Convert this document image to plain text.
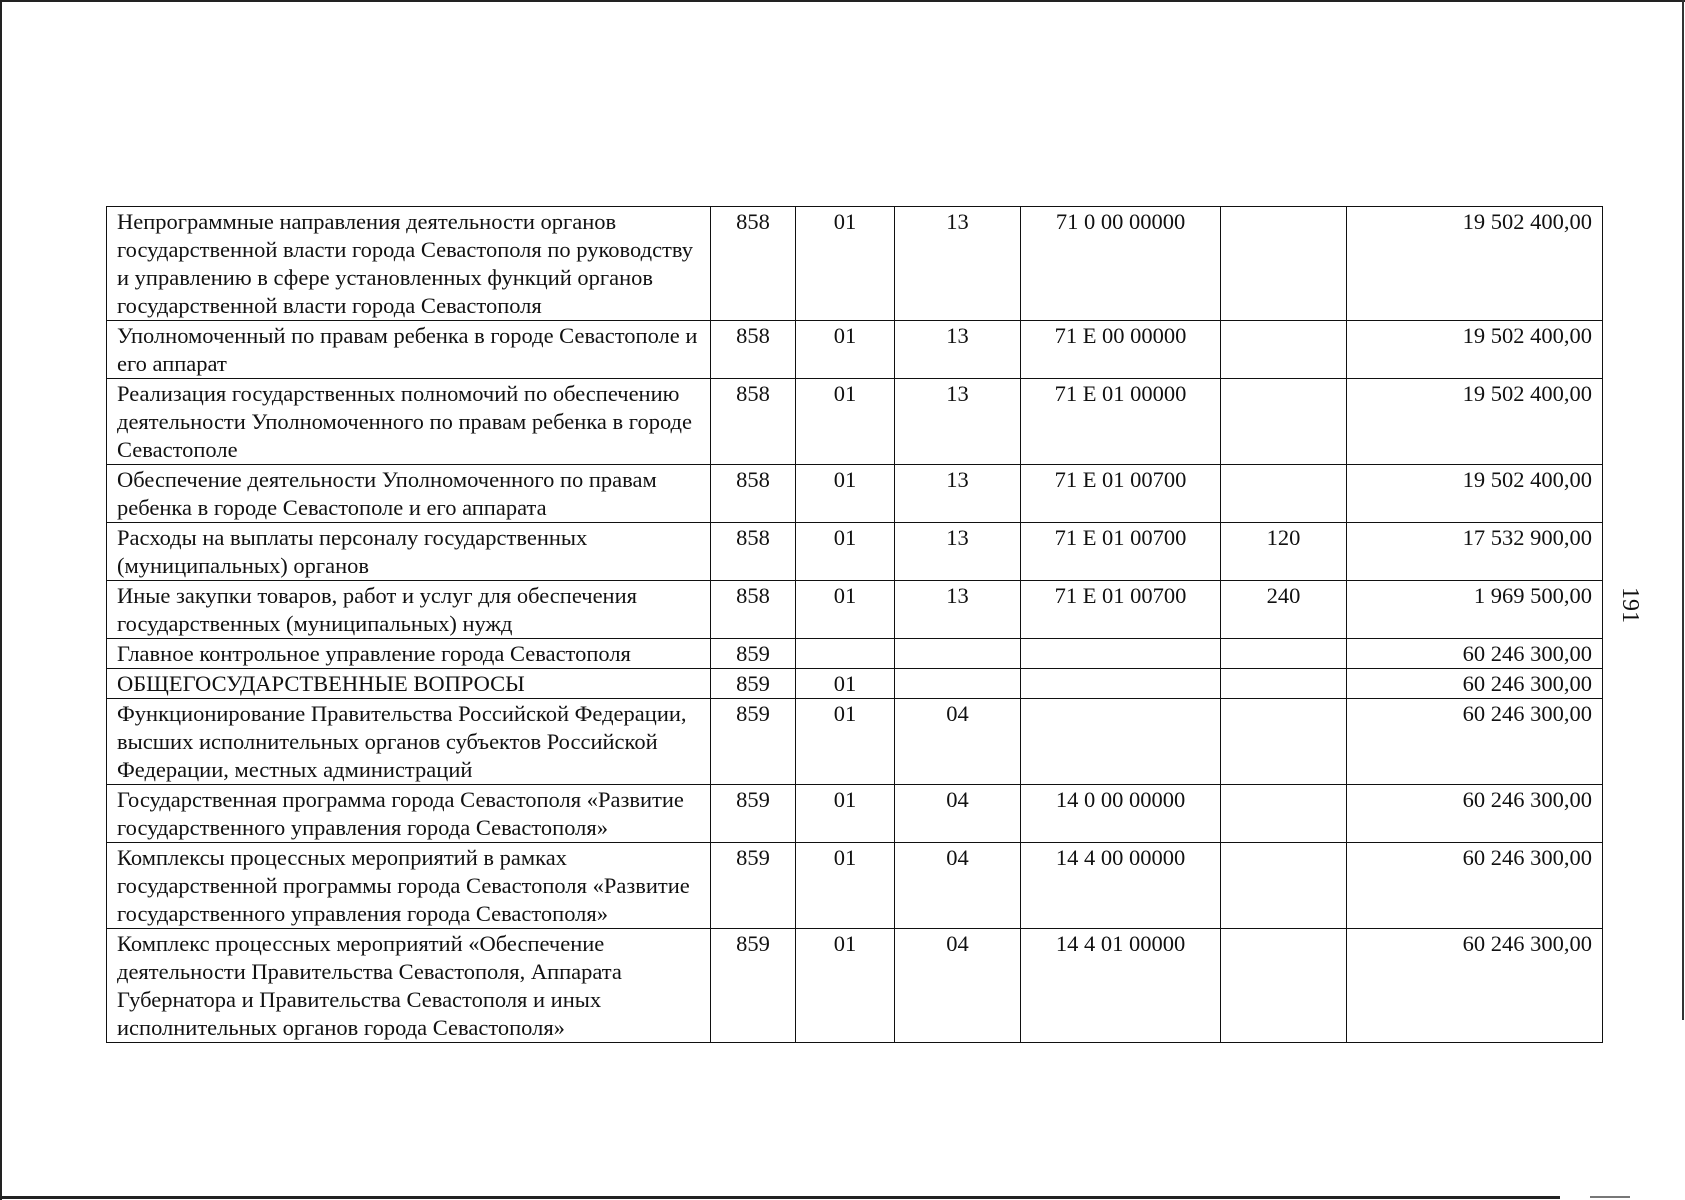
Непрограммные направления деятельности органов государственной власти города Севастополя по руководству и управлению в сфере установленных функций органов государственной власти города Севастополя	858	01	13	71 0 00 00000		19 502 400,00
Уполномоченный по правам ребенка в городе Севастополе и его аппарат	858	01	13	71 Е 00 00000		19 502 400,00
Реализация государственных полномочий по обеспечению деятельности Уполномоченного по правам ребенка в городе Севастополе	858	01	13	71 Е 01 00000		19 502 400,00
Обеспечение деятельности Уполномоченного по правам ребенка в городе Севастополе и его аппарата	858	01	13	71 Е 01 00700		19 502 400,00
Расходы на выплаты персоналу государственных (муниципальных) органов	858	01	13	71 Е 01 00700	120	17 532 900,00
Иные закупки товаров, работ и услуг для обеспечения государственных (муниципальных) нужд	858	01	13	71 Е 01 00700	240	1 969 500,00
Главное контрольное управление города Севастополя	859					60 246 300,00
ОБЩЕГОСУДАРСТВЕННЫЕ ВОПРОСЫ	859	01				60 246 300,00
Функционирование Правительства Российской Федерации, высших исполнительных органов субъектов Российской Федерации, местных администраций	859	01	04			60 246 300,00
Государственная программа города Севастополя «Развитие государственного управления города Севастополя»	859	01	04	14 0 00 00000		60 246 300,00
Комплексы процессных мероприятий в рамках государственной программы города Севастополя «Развитие государственного управления города Севастополя»	859	01	04	14 4 00 00000		60 246 300,00
Комплекс процессных мероприятий «Обеспечение деятельности Правительства Севастополя, Аппарата Губернатора и Правительства Севастополя и иных исполнительных органов города Севастополя»	859	01	04	14 4 01 00000		60 246 300,00
191
